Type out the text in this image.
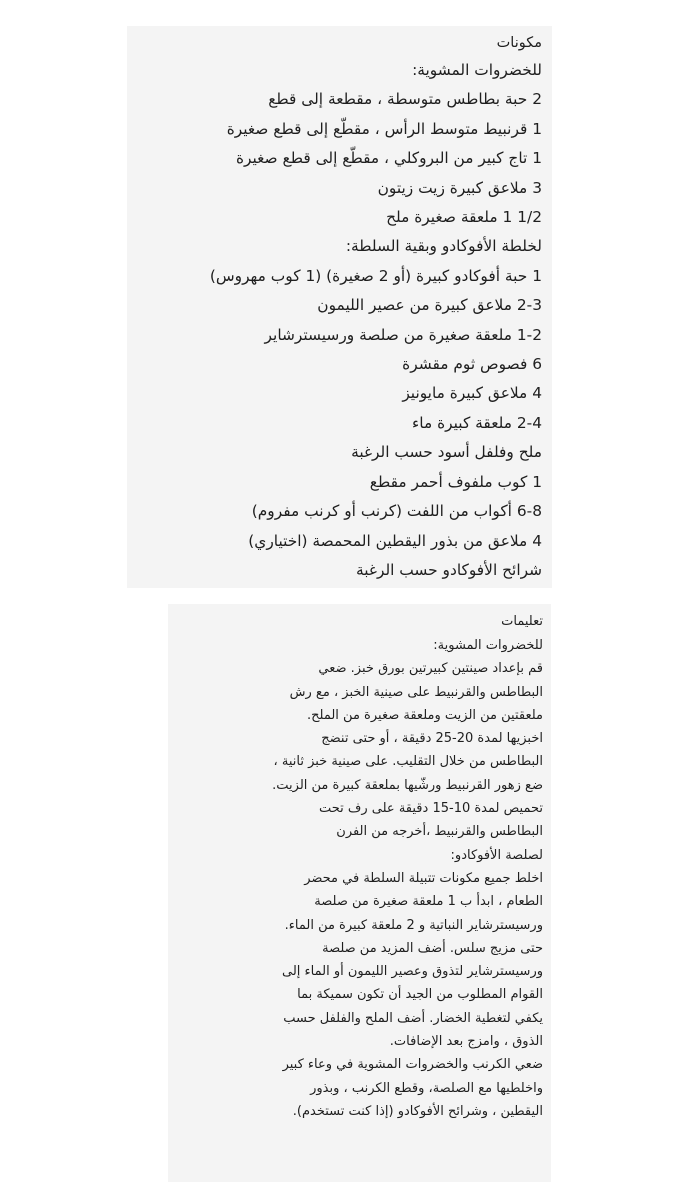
مكونات
للخضروات المشوية:
2 حبة بطاطس متوسطة ، مقطعة إلى قطع
1 قرنبيط متوسط الرأس ، مقطّع إلى قطع صغيرة
1 تاج كبير من البروكلي ، مقطّع إلى قطع صغيرة
3 ملاعق كبيرة زيت زيتون
1/2 1 ملعقة صغيرة ملح
لخلطة الأفوكادو وبقية السلطة:
1 حبة أفوكادو كبيرة (أو 2 صغيرة) (1 كوب مهروس)
2-3 ملاعق كبيرة من عصير الليمون
1-2 ملعقة صغيرة من صلصة ورسيسترشاير
6 فصوص ثوم مقشرة
4 ملاعق كبيرة مايونيز
2-4 ملعقة كبيرة ماء
ملح وفلفل أسود حسب الرغبة
1 كوب ملفوف أحمر مقطع
6-8 أكواب من اللفت (كرنب أو كرنب مفروم)
4 ملاعق من بذور اليقطين المحمصة (اختياري)
شرائح الأفوكادو حسب الرغبة
تعليمات
للخضروات المشوية:
قم بإعداد صينتين كبيرتين بورق خبز. ضعي
البطاطس والقرنبيط على صينية الخبز ، مع رش
ملعقتين من الزيت وملعقة صغيرة من الملح.
اخبزيها لمدة 20-25 دقيقة ، أو حتى تنضج
البطاطس من خلال التقليب. على صينية خبز ثانية ،
ضع زهور القرنبيط ورشّيها بملعقة كبيرة من الزيت.
تحميص لمدة 10-15 دقيقة على رف تحت
البطاطس والقرنبيط ،أخرجه من الفرن
لصلصة الأفوكادو:
اخلط جميع مكونات تتبيلة السلطة في محضر
الطعام ، ابدأ ب 1 ملعقة صغيرة من صلصة
ورسيسترشاير النباتية و 2 ملعقة كبيرة من الماء.
حتى مزيج سلس. أضف المزيد من صلصة
ورسيسترشاير لتذوق وعصير الليمون أو الماء إلى
القوام المطلوب من الجيد أن تكون سميكة بما
يكفي لتغطية الخضار. أضف الملح والفلفل حسب
الذوق ، وامزج بعد الإضافات.
ضعي الكرنب والخضروات المشوية في وعاء كبير
واخلطيها مع الصلصة، وقطع الكرنب ، وبذور
اليقطين ، وشرائح الأفوكادو (إذا كنت تستخدم).
